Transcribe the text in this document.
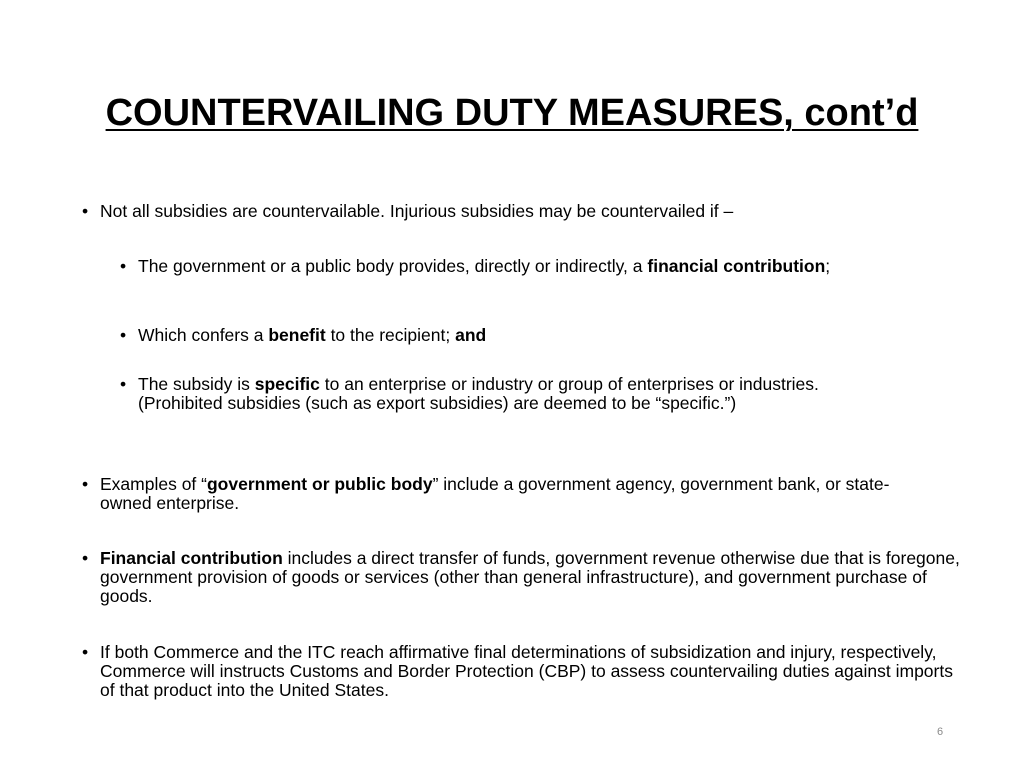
COUNTERVAILING DUTY MEASURES, cont’d
• Not all subsidies are countervailable. Injurious subsidies may be countervailed if –
• The government or a public body provides, directly or indirectly, a financial contribution;
• Which confers a benefit to the recipient; and
• The subsidy is specific to an enterprise or industry or group of enterprises or industries. (Prohibited subsidies (such as export subsidies) are deemed to be “specific.”)
• Examples of “government or public body” include a government agency, government bank, or state-owned enterprise.
• Financial contribution includes a direct transfer of funds, government revenue otherwise due that is foregone, government provision of goods or services (other than general infrastructure), and government purchase of goods.
• If both Commerce and the ITC reach affirmative final determinations of subsidization and injury, respectively, Commerce will instructs Customs and Border Protection (CBP) to assess countervailing duties against imports of that product into the United States.
6
